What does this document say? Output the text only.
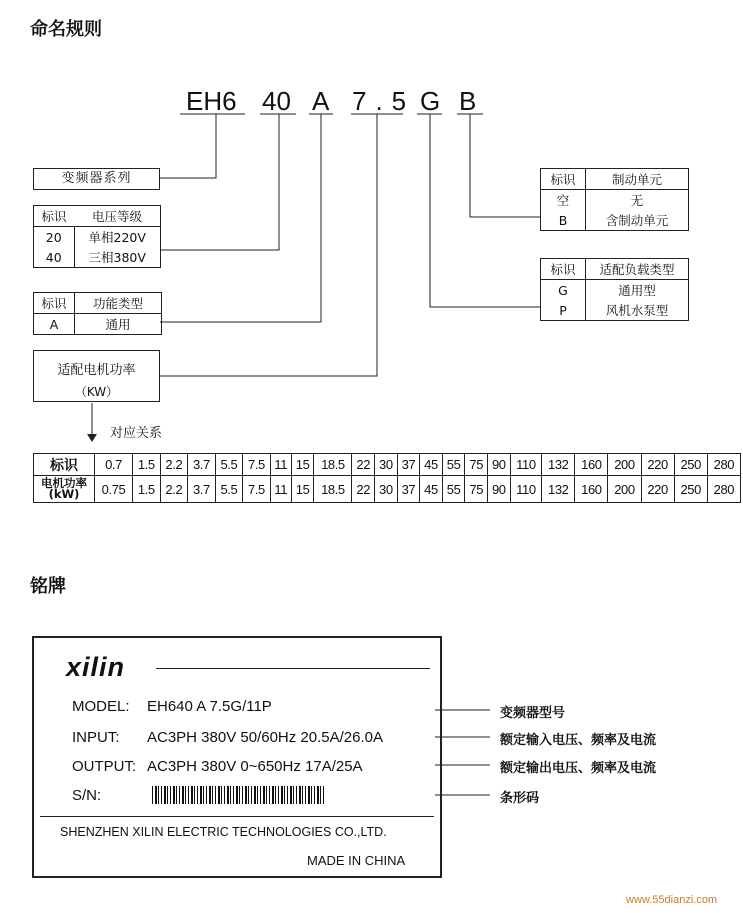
命名规则
EH6 40 A 7.5 G B
变频器系列
标识	电压等级
20	单相220V
40	三相380V
标识	功能类型
A	通用
适配电机功率
（KW）
对应关系
标识	制动单元
空	无
B	含制动单元
标识	适配负载类型
G	通用型
P	风机水泵型
标识	0.7	1.5	2.2	3.7	5.5	7.5	11	15	18.5	22	30	37	45	55	75	90	110	132	160	200	220	250	280

电机功率
(kW)	0.75	1.5	2.2	3.7	5.5	7.5	11	15	18.5	22	30	37	45	55	75	90	110	132	160	200	220	250	280
铭牌
xilin
MODEL: EH640 A 7.5G/11P
INPUT: AC3PH 380V 50/60Hz 20.5A/26.0A
OUTPUT: AC3PH 380V 0~650Hz 17A/25A
S/N:
SHENZHEN XILIN ELECTRIC TECHNOLOGIES CO.,LTD.
MADE IN CHINA
变频器型号
额定输入电压、频率及电流
额定输出电压、频率及电流
条形码
www.55dianzi.com
